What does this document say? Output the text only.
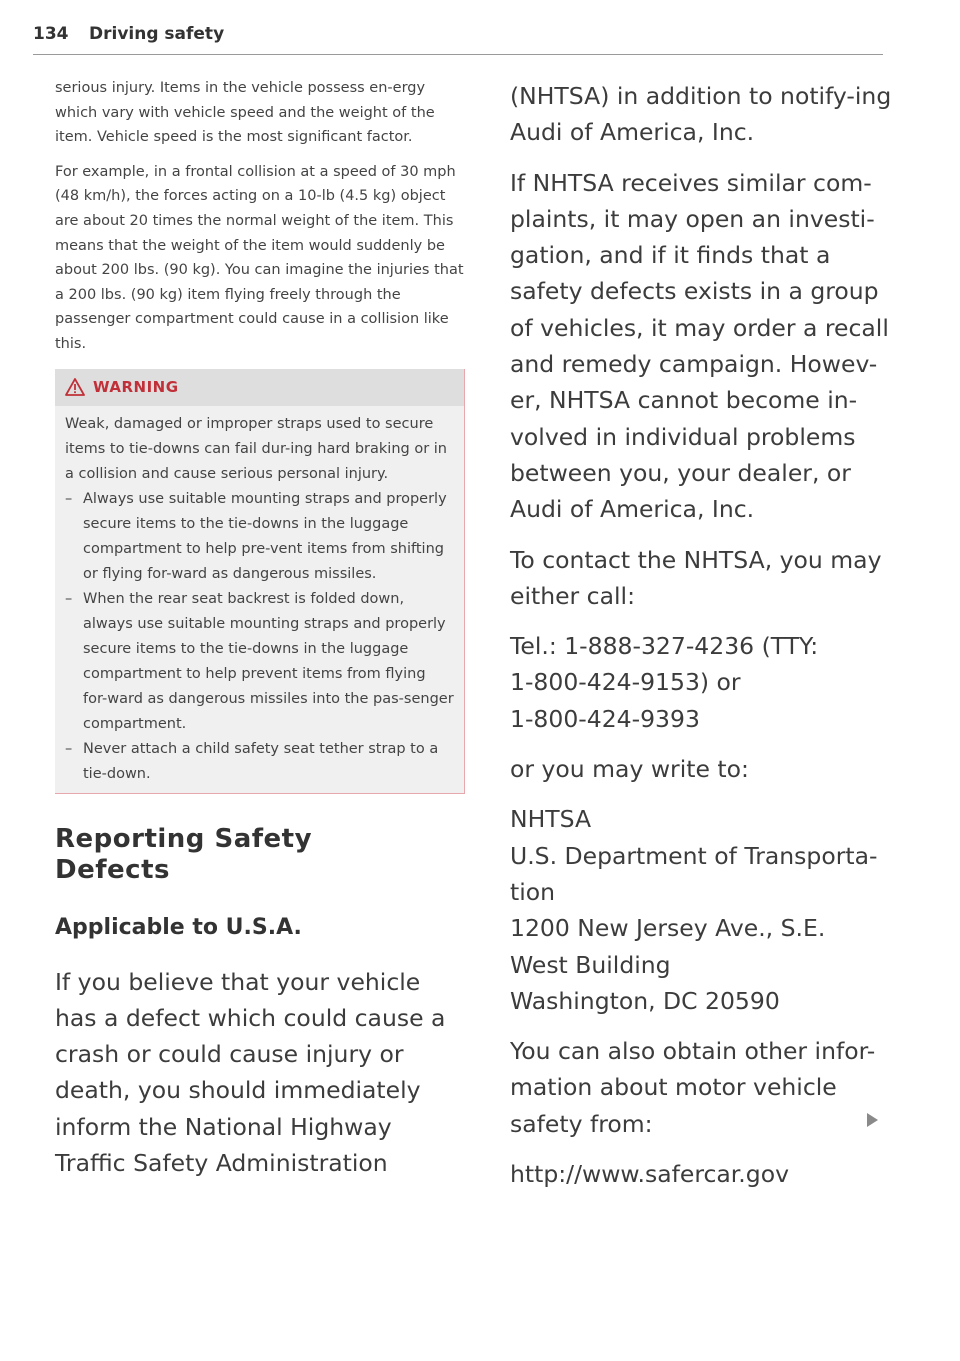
134 Driving safety

serious injury. Items in the vehicle possess en-ergy which vary with vehicle speed and the weight of the item. Vehicle speed is the most significant factor.

For example, in a frontal collision at a speed of 30 mph (48 km/h), the forces acting on a 10-lb (4.5 kg) object are about 20 times the normal weight of the item. This means that the weight of the item would suddenly be about 200 lbs. (90 kg). You can imagine the injuries that a 200 lbs. (90 kg) item flying freely through the passenger compartment could cause in a collision like this.

WARNING

Weak, damaged or improper straps used to secure items to tie-downs can fail dur-ing hard braking or in a collision and cause serious personal injury.

– Always use suitable mounting straps and properly secure items to the tie-downs in the luggage compartment to help pre-vent items from shifting or flying for-ward as dangerous missiles.
– When the rear seat backrest is folded down, always use suitable mounting straps and properly secure items to the tie-downs in the luggage compartment to help prevent items from flying for-ward as dangerous missiles into the pas-senger compartment.
– Never attach a child safety seat tether strap to a tie-down.
Reporting Safety
Defects
Applicable to U.S.A.

If you believe that your vehicle has a defect which could cause a crash or could cause injury or death, you should immediately inform the National Highway Traffic Safety Administration

(NHTSA) in addition to notify-ing Audi of America, Inc.

If NHTSA receives similar com-plaints, it may open an investi-gation, and if it finds that a safety defects exists in a group of vehicles, it may order a recall and remedy campaign. Howev-er, NHTSA cannot become in-volved in individual problems between you, your dealer, or Audi of America, Inc.

To contact the NHTSA, you may either call:

Tel.: 1-888-327-4236 (TTY:
1-800-424-9153) or
1-800-424-9393

or you may write to:

NHTSA
U.S. Department of Transporta-
tion
1200 New Jersey Ave., S.E.
West Building
Washington, DC 20590

You can also obtain other infor-mation about motor vehicle safety from:

http://www.safercar.gov
